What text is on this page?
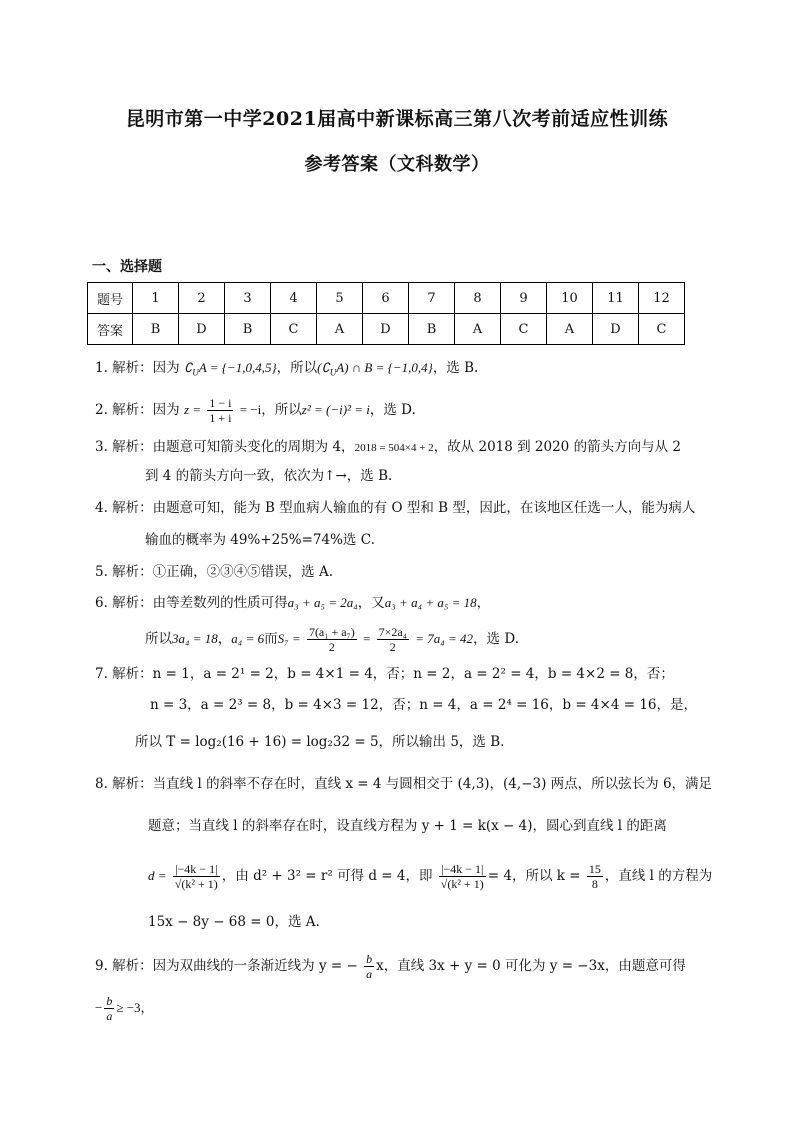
昆明市第一中学2021届高中新课标高三第八次考前适应性训练
参考答案（文科数学）
一、选择题
题号	1	2	3	4	5	6	7	8	9	10	11	12
答案	B	D	B	C	A	D	B	A	C	A	D	C
1. 解析：因为 $∁_UA = \{-1,0,4,5\}$，所以$(∁_UA)$ ∩ B = {−1,0,4}，选 B.
2. 解析：因为 $z = \frac{1 - i}{1 + i} = -i$，所以z² = (−i)² = i，选 D.
3. 解析：由题意可知箭头变化的周期为 4，2018 = 504×4 + 2，故从 2018 到 2020 的箭头方向与从 2
到 4 的箭头方向一致，依次为↑→，选 B.
4. 解析：由题意可知，能为 B 型血病人输血的有 O 型和 B 型，因此，在该地区任选一人，能为病人
输血的概率为 49%+25%=74%选 C.
5. 解析：①正确，②③④⑤错误，选 A.
6. 解析：由等差数列的性质可得a₃ + a₅ = 2a₄，又a₃ + a₄ + a₅ = 18，
所以3a₄ = 18，a₄ = 6而$S_7 = \frac{\text{7(a₁ + a₇)}}{2} = \frac{\text{7×2a₄}}{2} = 7a_4 = 42$，选 D.
7. 解析：n = 1，a = 2¹ = 2，b = 4×1 = 4，否；n = 2，a = 2² = 4，b = 4×2 = 8，否；
n = 3，a = 2³ = 8，b = 4×3 = 12，否；n = 4，a = 2⁴ = 16，b = 4×4 = 16，是，
所以 T = log₂(16 + 16) = log₂32 = 5，所以输出 5，选 B.
8. 解析：当直线 l 的斜率不存在时，直线 x = 4 与圆相交于 (4,3)，(4,−3) 两点，所以弦长为 6，满足
题意；当直线 l 的斜率存在时，设直线方程为 y + 1 = k(x − 4)，圆心到直线 l 的距离
$d = \frac{|-4k - 1|}{\text{√(k² + 1)}}$ ，由 d² + 3² = r² 可得 d = 4，即 $\frac{|-4k - 1|}{\text{√(k² + 1)}} = 4$，所以 $k = \frac{15}{8}$ ，直线 l 的方程为
15x − 8y − 68 = 0，选 A.
9. 解析：因为双曲线的一条渐近线为 y = − $\frac{b}{a}$ x，直线 3x + y = 0 可化为 y = −3x，由题意可得
− $\frac{b}{a} \ge -3$，
